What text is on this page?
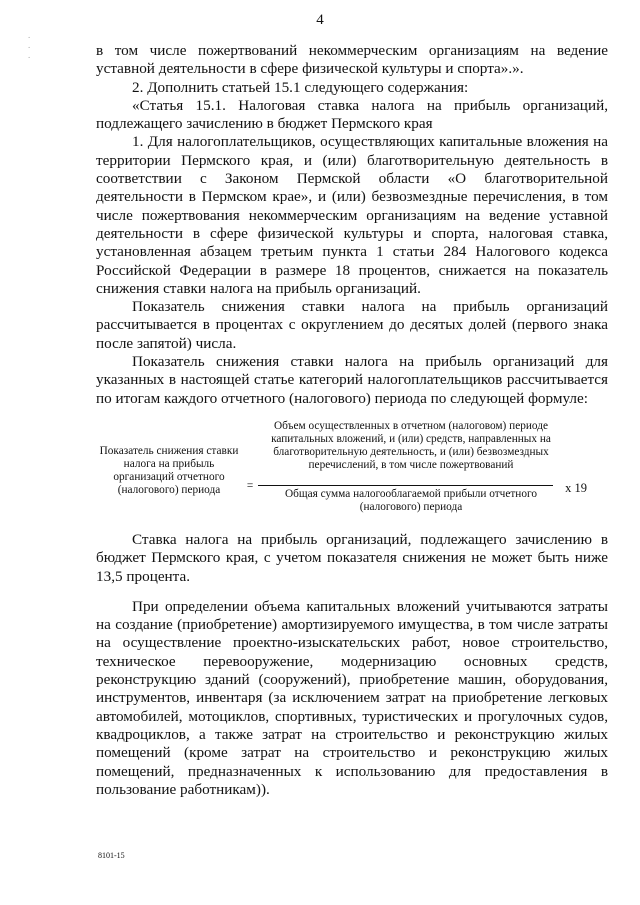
4
.
.
.	в том числе пожертвований некоммерческим организациям на ведение уставной деятельности в сфере физической культуры и спорта».».

2. Дополнить статьей 15.1 следующего содержания:

«Статья 15.1. Налоговая ставка налога на прибыль организаций, подлежащего зачислению в бюджет Пермского края

1. Для налогоплательщиков, осуществляющих капитальные вложения на территории Пермского края, и (или) благотворительную деятельность в соответствии с Законом Пермской области «О благотворительной деятельности в Пермском крае», и (или) безвозмездные перечисления, в том числе пожертвования некоммерческим организациям на ведение уставной деятельности в сфере физической культуры и спорта, налоговая ставка, установленная абзацем третьим пункта 1 статьи 284 Налогового кодекса Российской Федерации в размере 18 процентов, снижается на показатель снижения ставки налога на прибыль организаций.

Показатель снижения ставки налога на прибыль организаций рассчитывается в процентах с округлением до десятых долей (первого знака после запятой) числа.

Показатель снижения ставки налога на прибыль организаций для указанных в настоящей статье категорий налогоплательщиков рассчитывается по итогам каждого отчетного (налогового) периода по следующей формуле:

Показатель снижения ставки налога на прибыль организаций отчетного (налогового) периода	=
Объем осуществленных в отчетном (налоговом) периоде капитальных вложений, и (или) средств, направленных на благотворительную деятельность, и (или) безвозмездных перечислений, в том числе пожертвований
Общая сумма налогооблагаемой прибыли отчетного (налогового) периода
x 19

Ставка налога на прибыль организаций, подлежащего зачислению в бюджет Пермского края, с учетом показателя снижения не может быть ниже 13,5 процента.

При определении объема капитальных вложений учитываются затраты на создание (приобретение) амортизируемого имущества, в том числе затраты на осуществление проектно-изыскательских работ, новое строительство, техническое перевооружение, модернизацию основных средств, реконструкцию зданий (сооружений), приобретение машин, оборудования, инструментов, инвентаря (за исключением затрат на приобретение легковых автомобилей, мотоциклов, спортивных, туристических и прогулочных судов, квадроциклов, а также затрат на строительство и реконструкцию жилых помещений (кроме затрат на строительство и реконструкцию жилых помещений, предназначенных к использованию для предоставления в пользование работникам)).

8101-15
